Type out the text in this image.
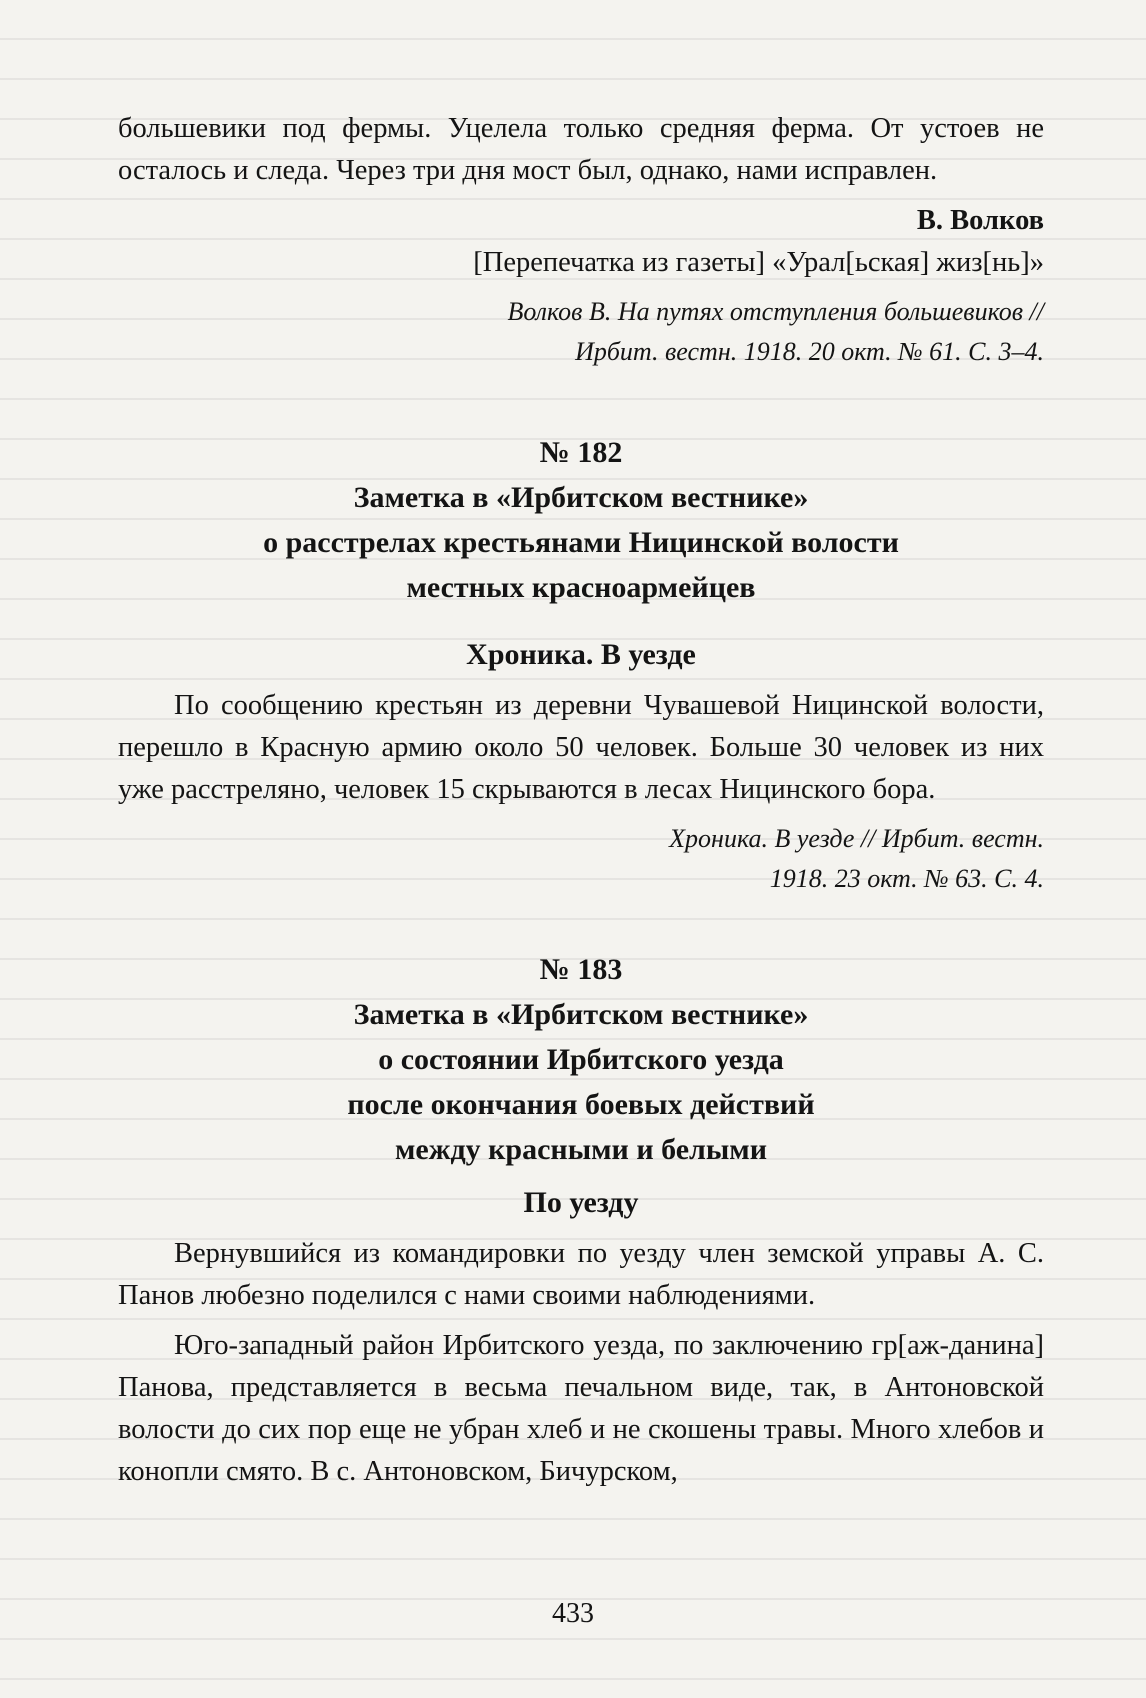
большевики под фермы. Уцелела только средняя ферма. От устоев не осталось и следа. Через три дня мост был, однако, нами исправлен.

В. Волков

[Перепечатка из газеты] «Урал[ьская] жиз[нь]»

Волков В. На путях отступления большевиков //

Ирбит. вестн. 1918. 20 окт. № 61. С. 3–4.

№ 182
Заметка в «Ирбитском вестнике»
о расстрелах крестьянами Ницинской волости
местных красноармейцев
Хроника. В уезде

По сообщению крестьян из деревни Чувашевой Ницинской волости, перешло в Красную армию около 50 человек. Больше 30 человек из них уже расстреляно, человек 15 скрываются в лесах Ницинского бора.

Хроника. В уезде // Ирбит. вестн.

1918. 23 окт. № 63. С. 4.

№ 183
Заметка в «Ирбитском вестнике»
о состоянии Ирбитского уезда
после окончания боевых действий
между красными и белыми
По уезду

Вернувшийся из командировки по уезду член земской управы А. С. Панов любезно поделился с нами своими наблюдениями.

Юго-западный район Ирбитского уезда, по заключению гр[аж-данина] Панова, представляется в весьма печальном виде, так, в Антоновской волости до сих пор еще не убран хлеб и не скошены травы. Много хлебов и конопли смято. В с. Антоновском, Бичурском,

433
